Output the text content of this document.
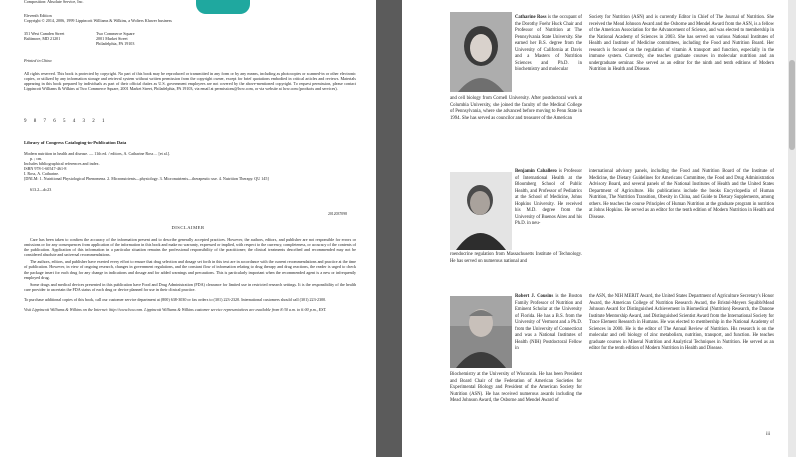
Composition: Absolute Service, Inc.
Eleventh Edition
Copyright © 2014, 2006, 1999 Lippincott Williams & Wilkins, a Wolters Kluwer business
351 West Camden Street
Baltimore, MD 21201
Two Commerce Square
2001 Market Street
Philadelphia, PA 19103
Printed in China
All rights reserved. This book is protected by copyright. No part of this book may be reproduced or transmitted in any form or by any means, including as photocopies or scanned-in or other electronic copies, or utilized by any information storage and retrieval system without written permission from the copyright owner, except for brief quotations embodied in critical articles and reviews. Materials appearing in this book prepared by individuals as part of their official duties as U.S. government employees are not covered by the above-mentioned copyright. To request permission, please contact Lippincott Williams & Wilkins at Two Commerce Square, 2001 Market Street, Philadelphia, PA 19103, via email at permissions@lww.com, or via website at lww.com (products and services).
9 8 7 6 5 4 3 2 1
Library of Congress Cataloging-in-Publication Data
Modern nutrition in health and disease. — 11th ed. / editors, A. Catharine Ross ... [et al.].
p. ; cm.
Includes bibliographical references and index.
ISBN 978-1-60547-461-8
I. Ross, A. Catharine.
[DNLM: 1. Nutritional Physiological Phenomena. 2. Micronutrients—physiology. 3. Micronutrients—therapeutic use. 4. Nutrition Therapy. QU 145]
613.2—dc23
2012037098
DISCLAIMER

Care has been taken to confirm the accuracy of the information present and to describe generally accepted practices. However, the authors, editors, and publisher are not responsible for errors or omissions or for any consequences from application of the information in this book and make no warranty, expressed or implied, with respect to the currency, completeness, or accuracy of the contents of the publication. Application of this information in a particular situation remains the professional responsibility of the practitioner; the clinical treatments described and recommended may not be considered absolute and universal recommendations.

The authors, editors, and publisher have exerted every effort to ensure that drug selection and dosage set forth in this text are in accordance with the current recommendations and practice at the time of publication. However, in view of ongoing research, changes in government regulations, and the constant flow of information relating to drug therapy and drug reactions, the reader is urged to check the package insert for each drug for any change in indications and dosage and for added warnings and precautions. This is particularly important when the recommended agent is a new or infrequently employed drug.

Some drugs and medical devices presented in this publication have Food and Drug Administration (FDA) clearance for limited use in restricted research settings. It is the responsibility of the health care provider to ascertain the FDA status of each drug or device planned for use in their clinical practice.

To purchase additional copies of this book, call our customer service department at (800) 638-3030 or fax orders to (301) 223-2320. International customers should call (301) 223-2300.

Visit Lippincott Williams & Wilkins on the Internet: http://www.lww.com. Lippincott Williams & Wilkins customer service representatives are available from 8:30 a.m. to 6:00 p.m., EST.

Catharine Ross is the occupant of the Dorothy Foehr Huck Chair and Professor of Nutrition at The Pennsylvania State University. She earned her B.S. degree from the University of California at Davis and a Masters of Nutrition Sciences and Ph.D. in biochemistry and molecular
and cell biology from Cornell University. After postdoctoral work at Columbia University, she joined the faculty of the Medical College of Pennsylvania, where she advanced before moving to Penn State in 1994. She has served as councilor and treasurer of the American
Society for Nutrition (ASN) and is currently Editor in Chief of The Journal of Nutrition. She received the Mead Johnson Award and the Osborne and Mendel Award from the ASN, is a fellow of the American Association for the Advancement of Science, and was elected to membership in the National Academy of Sciences in 2003. She has served on various National Institutes of Health and Institute of Medicine committees, including the Food and Nutrition Board. Her research is focused on the regulation of vitamin A transport and function, especially in the immune system. Currently, she teaches graduate courses in molecular nutrition and an undergraduate seminar. She served as an editor for the ninth and tenth editions of Modern Nutrition in Health and Disease.
Benjamin Caballero is Professor of International Health at the Bloomberg School of Public Health, and Professor of Pediatrics at the School of Medicine, Johns Hopkins University. He received his M.D. degree from the University of Buenos Aires and his Ph.D. in neu-
roendocrine regulation from Massachusetts Institute of Technology. He has served on numerous national and
international advisory panels, including the Food and Nutrition Board of the Institute of Medicine, the Dietary Guidelines for Americans Committee, the Food and Drug Administration Advisory Board, and several panels of the National Institutes of Health and the United States Department of Agriculture. His publications include the books Encyclopedia of Human Nutrition, The Nutrition Transition, Obesity in China, and Guide to Dietary Supplements, among others. He teaches the course Principles of Human Nutrition at the graduate program in nutrition at Johns Hopkins. He served as an editor for the tenth edition of Modern Nutrition in Health and Disease.
Robert J. Cousins is the Boston Family Professor of Nutrition and Eminent Scholar at the University of Florida. He has a B.S. from the University of Vermont and a Ph.D. from the University of Connecticut and was a National Institutes of Health (NIH) Postdoctoral Fellow in
Biochemistry at the University of Wisconsin. He has been President and Board Chair of the Federation of American Societies for Experimental Biology and President of the American Society for Nutrition (ASN). He has received numerous awards including the Mead Johnson Award, the Osborne and Mendel Award of
the ASN, the NIH MERIT Award, the United States Department of Agriculture Secretary's Honor Award, the American College of Nutrition Research Award, the Bristol-Meyers Squibb/Mead Johnson Award for Distinguished Achievement in Biomedical (Nutrition) Research, the Danone Institute Mentorship Award, and Distinguished Scientist Award from the International Society for Trace Element Research in Humans. He was elected to membership in the National Academy of Sciences in 2000. He is the editor of The Annual Review of Nutrition. His research is on the molecular and cell biology of zinc metabolism, nutrition, transport, and function. He teaches graduate courses in Mineral Nutrition and Analytical Techniques in Nutrition. He served as an editor for the tenth edition of Modern Nutrition in Health and Disease.
iii
